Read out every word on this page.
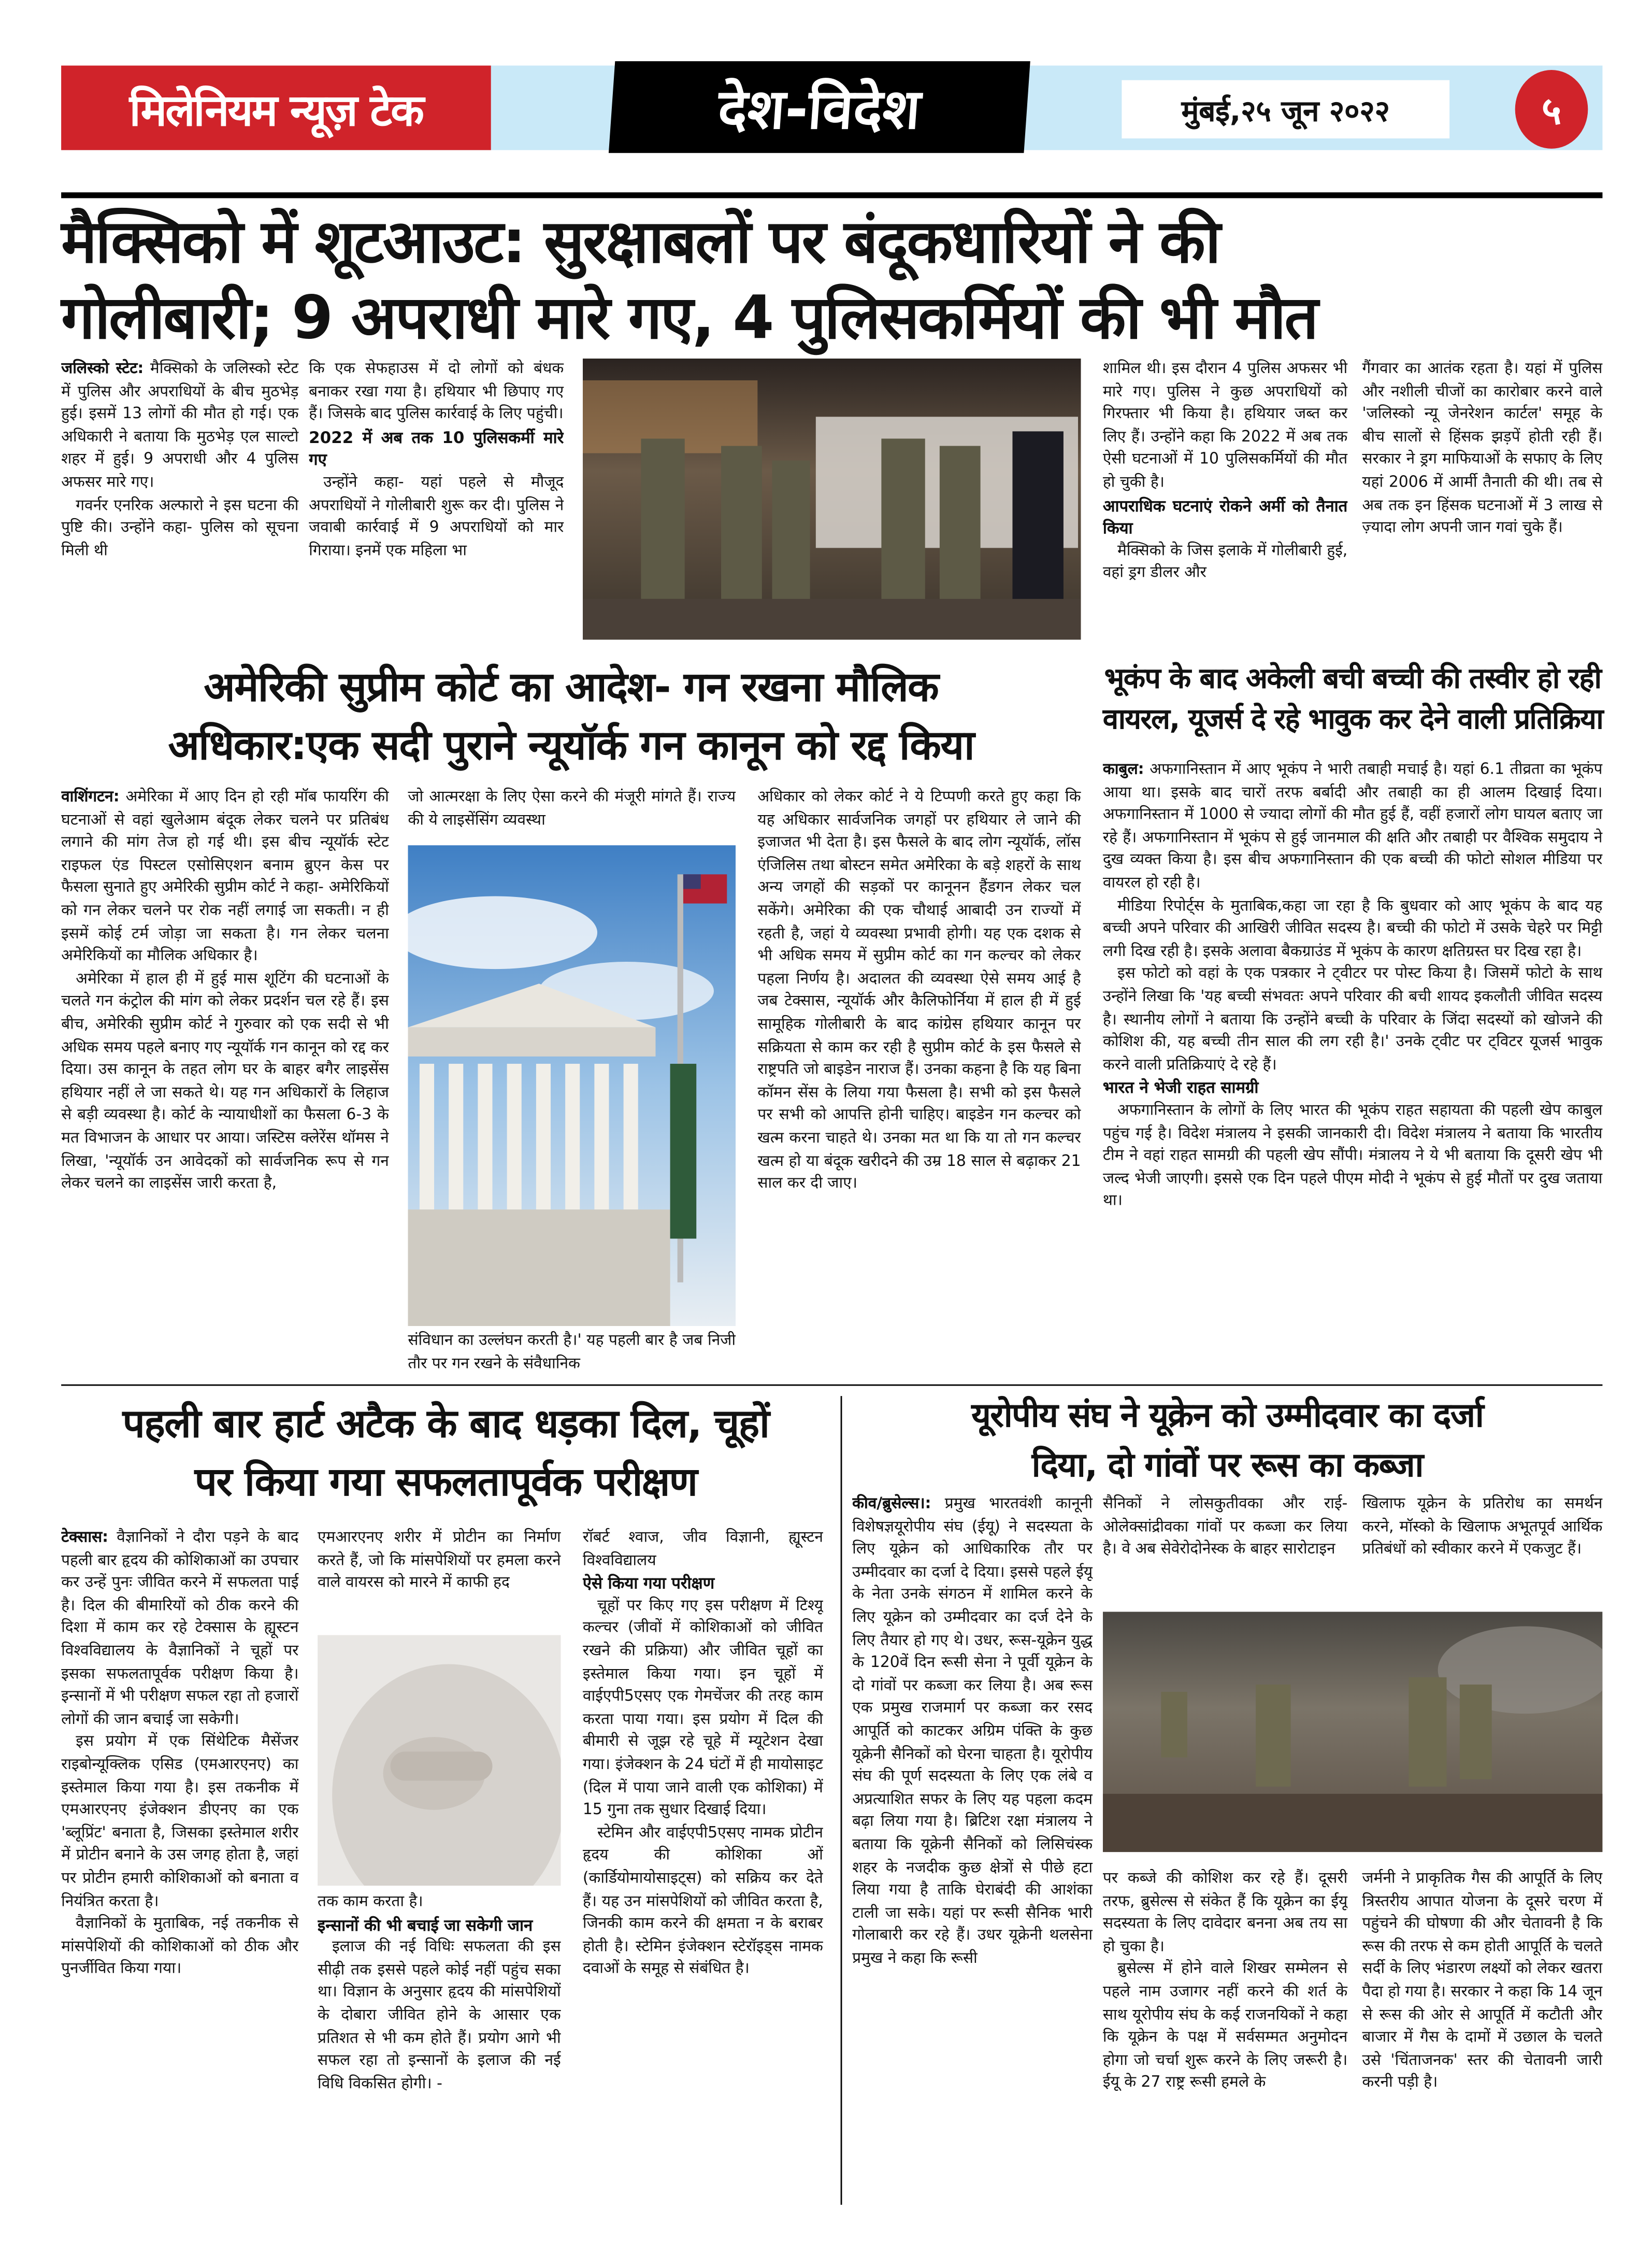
मिलेनियम न्यूज़ टेक	देश-विदेश	मुंबई,२५ जून २०२२	५
मैक्सिको में शूटआउट: सुरक्षाबलों पर बंदूकधारियों ने की
गोलीबारी; 9 अपराधी मारे गए, 4 पुलिसकर्मियों की भी मौत

जलिस्को स्टेट: मैक्सिको के जलिस्को स्टेट में पुलिस और अपराधियों के बीच मुठभेड़ हुई। इसमें 13 लोगों की मौत हो गई। एक अधिकारी ने बताया कि मुठभेड़ एल साल्टो शहर में हुई। 9 अपराधी और 4 पुलिस अफसर मारे गए।

गवर्नर एनरिक अल्फारो ने इस घटना की पुष्टि की। उन्होंने कहा- पुलिस को सूचना मिली थी

कि एक सेफहाउस में दो लोगों को बंधक बनाकर रखा गया है। हथियार भी छिपाए गए हैं। जिसके बाद पुलिस कार्रवाई के लिए पहुंची।

2022 में अब तक 10 पुलिसकर्मी मारे गए

उन्होंने कहा- यहां पहले से मौजूद अपराधियों ने गोलीबारी शुरू कर दी। पुलिस ने जवाबी कार्रवाई में 9 अपराधियों को मार गिराया। इनमें एक महिला भा

शामिल थी। इस दौरान 4 पुलिस अफसर भी मारे गए। पुलिस ने कुछ अपराधियों को गिरफ्तार भी किया है। हथियार जब्त कर लिए हैं। उन्होंने कहा कि 2022 में अब तक ऐसी घटनाओं में 10 पुलिसकर्मियों की मौत हो चुकी है।

आपराधिक घटनाएं रोकने अर्मी को तैनात किया

मैक्सिको के जिस इलाके में गोलीबारी हुई, वहां ड्रग डीलर और

गैंगवार का आतंक रहता है। यहां में पुलिस और नशीली चीजों का कारोबार करने वाले 'जलिस्को न्यू जेनरेशन कार्टल' समूह के बीच सालों से हिंसक झड़पें होती रही हैं। सरकार ने ड्रग माफियाओं के सफाए के लिए यहां 2006 में आर्मी तैनाती की थी। तब से अब तक इन हिंसक घटनाओं में 3 लाख से ज़्यादा लोग अपनी जान गवां चुके हैं।

अमेरिकी सुप्रीम कोर्ट का आदेश- गन रखना मौलिक
अधिकार:एक सदी पुराने न्यूयॉर्क गन कानून को रद्द किया

वाशिंगटन: अमेरिका में आए दिन हो रही मॉब फायरिंग की घटनाओं से वहां खुलेआम बंदूक लेकर चलने पर प्रतिबंध लगाने की मांग तेज हो गई थी। इस बीच न्यूयॉर्क स्टेट राइफल एंड पिस्टल एसोसिएशन बनाम ब्रुएन केस पर फैसला सुनाते हुए अमेरिकी सुप्रीम कोर्ट ने कहा- अमेरिकियों को गन लेकर चलने पर रोक नहीं लगाई जा सकती। न ही इसमें कोई टर्म जोड़ा जा सकता है। गन लेकर चलना अमेरिकियों का मौलिक अधिकार है।

अमेरिका में हाल ही में हुई मास शूटिंग की घटनाओं के चलते गन कंट्रोल की मांग को लेकर प्रदर्शन चल रहे हैं। इस बीच, अमेरिकी सुप्रीम कोर्ट ने गुरुवार को एक सदी से भी अधिक समय पहले बनाए गए न्यूयॉर्क गन कानून को रद्द कर दिया। उस कानून के तहत लोग घर के बाहर बगैर लाइसेंस हथियार नहीं ले जा सकते थे। यह गन अधिकारों के लिहाज से बड़ी व्यवस्था है। कोर्ट के न्यायाधीशों का फैसला 6-3 के मत विभाजन के आधार पर आया। जस्टिस क्लेरेंस थॉमस ने लिखा, 'न्यूयॉर्क उन आवेदकों को सार्वजनिक रूप से गन लेकर चलने का लाइसेंस जारी करता है,

जो आत्मरक्षा के लिए ऐसा करने की मंजूरी मांगते हैं। राज्य की ये लाइसेंसिंग व्यवस्था

संविधान का उल्लंघन करती है।' यह पहली बार है जब निजी तौर पर गन रखने के संवैधानिक

अधिकार को लेकर कोर्ट ने ये टिप्पणी करते हुए कहा कि यह अधिकार सार्वजनिक जगहों पर हथियार ले जाने की इजाजत भी देता है। इस फैसले के बाद लोग न्यूयॉर्क, लॉस एंजिलिस तथा बोस्टन समेत अमेरिका के बड़े शहरों के साथ अन्य जगहों की सड़कों पर कानूनन हैंडगन लेकर चल सकेंगे। अमेरिका की एक चौथाई आबादी उन राज्यों में रहती है, जहां ये व्यवस्था प्रभावी होगी। यह एक दशक से भी अधिक समय में सुप्रीम कोर्ट का गन कल्चर को लेकर पहला निर्णय है। अदालत की व्यवस्था ऐसे समय आई है जब टेक्सास, न्यूयॉर्क और कैलिफोर्निया में हाल ही में हुई सामूहिक गोलीबारी के बाद कांग्रेस हथियार कानून पर सक्रियता से काम कर रही है सुप्रीम कोर्ट के इस फैसले से राष्ट्रपति जो बाइडेन नाराज हैं। उनका कहना है कि यह बिना कॉमन सेंस के लिया गया फैसला है। सभी को इस फैसले पर सभी को आपत्ति होनी चाहिए। बाइडेन गन कल्चर को खत्म करना चाहते थे। उनका मत था कि या तो गन कल्चर खत्म हो या बंदूक खरीदने की उम्र 18 साल से बढ़ाकर 21 साल कर दी जाए।

भूकंप के बाद अकेली बची बच्ची की तस्वीर हो रही
वायरल, यूजर्स दे रहे भावुक कर देने वाली प्रतिक्रिया

काबुल: अफगानिस्तान में आए भूकंप ने भारी तबाही मचाई है। यहां 6.1 तीव्रता का भूकंप आया था। इसके बाद चारों तरफ बर्बादी और तबाही का ही आलम दिखाई दिया। अफगानिस्तान में 1000 से ज्यादा लोगों की मौत हुई हैं, वहीं हजारों लोग घायल बताए जा रहे हैं। अफगानिस्तान में भूकंप से हुई जानमाल की क्षति और तबाही पर वैश्विक समुदाय ने दुख व्यक्त किया है। इस बीच अफगानिस्तान की एक बच्ची की फोटो सोशल मीडिया पर वायरल हो रही है।

मीडिया रिपोर्ट्स के मुताबिक,कहा जा रहा है कि बुधवार को आए भूकंप के बाद यह बच्ची अपने परिवार की आखिरी जीवित सदस्य है। बच्ची की फोटो में उसके चेहरे पर मिट्टी लगी दिख रही है। इसके अलावा बैकग्राउंड में भूकंप के कारण क्षतिग्रस्त घर दिख रहा है।

इस फोटो को वहां के एक पत्रकार ने ट्वीटर पर पोस्ट किया है। जिसमें फोटो के साथ उन्होंने लिखा कि 'यह बच्ची संभवतः अपने परिवार की बची शायद इकलौती जीवित सदस्य है। स्थानीय लोगों ने बताया कि उन्होंने बच्ची के परिवार के जिंदा सदस्यों को खोजने की कोशिश की, यह बच्ची तीन साल की लग रही है।' उनके ट्वीट पर ट्विटर यूजर्स भावुक करने वाली प्रतिक्रियाएं दे रहे हैं।

भारत ने भेजी राहत सामग्री

अफगानिस्तान के लोगों के लिए भारत की भूकंप राहत सहायता की पहली खेप काबुल पहुंच गई है। विदेश मंत्रालय ने इसकी जानकारी दी। विदेश मंत्रालय ने बताया कि भारतीय टीम ने वहां राहत सामग्री की पहली खेप सौंपी। मंत्रालय ने ये भी बताया कि दूसरी खेप भी जल्द भेजी जाएगी। इससे एक दिन पहले पीएम मोदी ने भूकंप से हुई मौतों पर दुख जताया था।

पहली बार हार्ट अटैक के बाद धड़का दिल, चूहों
पर किया गया सफलतापूर्वक परीक्षण

टेक्सास: वैज्ञानिकों ने दौरा पड़ने के बाद पहली बार हृदय की कोशिकाओं का उपचार कर उन्हें पुनः जीवित करने में सफलता पाई है। दिल की बीमारियों को ठीक करने की दिशा में काम कर रहे टेक्सास के ह्यूस्टन विश्वविद्यालय के वैज्ञानिकों ने चूहों पर इसका सफलतापूर्वक परीक्षण किया है। इन्सानों में भी परीक्षण सफल रहा तो हजारों लोगों की जान बचाई जा सकेगी।

इस प्रयोग में एक सिंथेटिक मैसेंजर राइबोन्यूक्लिक एसिड (एमआरएनए) का इस्तेमाल किया गया है। इस तकनीक में एमआरएनए इंजेक्शन डीएनए का एक 'ब्लूप्रिंट' बनाता है, जिसका इस्तेमाल शरीर में प्रोटीन बनाने के उस जगह होता है, जहां पर प्रोटीन हमारी कोशिकाओं को बनाता व नियंत्रित करता है।

वैज्ञानिकों के मुताबिक, नई तकनीक से मांसपेशियों की कोशिकाओं को ठीक और पुनर्जीवित किया गया।

एमआरएनए शरीर में प्रोटीन का निर्माण करते हैं, जो कि मांसपेशियों पर हमला करने वाले वायरस को मारने में काफी हद

तक काम करता है।

इन्सानों की भी बचाई जा सकेगी जान

इलाज की नई विधिः सफलता की इस सीढ़ी तक इससे पहले कोई नहीं पहुंच सका था। विज्ञान के अनुसार हृदय की मांसपेशियों के दोबारा जीवित होने के आसार एक प्रतिशत से भी कम होते हैं। प्रयोग आगे भी सफल रहा तो इन्सानों के इलाज की नई विधि विकसित होगी। -

रॉबर्ट श्वाज, जीव विज्ञानी, ह्यूस्टन विश्वविद्यालय

ऐसे किया गया परीक्षण

चूहों पर किए गए इस परीक्षण में टिश्यू कल्चर (जीवों में कोशिकाओं को जीवित रखने की प्रक्रिया) और जीवित चूहों का इस्तेमाल किया गया। इन चूहों में वाईएपी5एसए एक गेमचेंजर की तरह काम करता पाया गया। इस प्रयोग में दिल की बीमारी से जूझ रहे चूहे में म्यूटेशन देखा गया। इंजेक्शन के 24 घंटों में ही मायोसाइट (दिल में पाया जाने वाली एक कोशिका) में 15 गुना तक सुधार दिखाई दिया।

स्टेमिन और वाईएपी5एसए नामक प्रोटीन हृदय की कोशिका ओं (कार्डियोमायोसाइट्स) को सक्रिय कर देते हैं। यह उन मांसपेशियों को जीवित करता है, जिनकी काम करने की क्षमता न के बराबर होती है। स्टेमिन इंजेक्शन स्टेरॉइड्स नामक दवाओं के समूह से संबंधित है।

यूरोपीय संघ ने यूक्रेन को उम्मीदवार का दर्जा
दिया, दो गांवों पर रूस का कब्जा

कीव/ब्रुसेल्स।: प्रमुख भारतवंशी कानूनी विशेषज्ञयूरोपीय संघ (ईयू) ने सदस्यता के लिए यूक्रेन को आधिकारिक तौर पर उम्मीदवार का दर्जा दे दिया। इससे पहले ईयू के नेता उनके संगठन में शामिल करने के लिए यूक्रेन को उम्मीदवार का दर्ज देने के लिए तैयार हो गए थे। उधर, रूस-यूक्रेन युद्ध के 120वें दिन रूसी सेना ने पूर्वी यूक्रेन के दो गांवों पर कब्जा कर लिया है। अब रूस एक प्रमुख राजमार्ग पर कब्जा कर रसद आपूर्ति को काटकर अग्रिम पंक्ति के कुछ यूक्रेनी सैनिकों को घेरना चाहता है। यूरोपीय संघ की पूर्ण सदस्यता के लिए एक लंबे व अप्रत्याशित सफर के लिए यह पहला कदम बढ़ा लिया गया है। ब्रिटिश रक्षा मंत्रालय ने बताया कि यूक्रेनी सैनिकों को लिसिचंस्क शहर के नजदीक कुछ क्षेत्रों से पीछे हटा लिया गया है ताकि घेराबंदी की आशंका टाली जा सके। यहां पर रूसी सैनिक भारी गोलाबारी कर रहे हैं। उधर यूक्रेनी थलसेना प्रमुख ने कहा कि रूसी

सैनिकों ने लोसकुतीवका और राई-ओलेक्सांद्रीवका गांवों पर कब्जा कर लिया है। वे अब सेवेरोदोनेस्क के बाहर सारोटाइन

खिलाफ यूक्रेन के प्रतिरोध का समर्थन करने, मॉस्को के खिलाफ अभूतपूर्व आर्थिक प्रतिबंधों को स्वीकार करने में एकजुट हैं।

पर कब्जे की कोशिश कर रहे हैं। दूसरी तरफ, ब्रुसेल्स से संकेत हैं कि यूक्रेन का ईयू सदस्यता के लिए दावेदार बनना अब तय सा हो चुका है।

ब्रुसेल्स में होने वाले शिखर सम्मेलन से पहले नाम उजागर नहीं करने की शर्त के साथ यूरोपीय संघ के कई राजनयिकों ने कहा कि यूक्रेन के पक्ष में सर्वसम्मत अनुमोदन होगा जो चर्चा शुरू करने के लिए जरूरी है। ईयू के 27 राष्ट्र रूसी हमले के

जर्मनी ने प्राकृतिक गैस की आपूर्ति के लिए त्रिस्तरीय आपात योजना के दूसरे चरण में पहुंचने की घोषणा की और चेतावनी है कि रूस की तरफ से कम होती आपूर्ति के चलते सर्दी के लिए भंडारण लक्ष्यों को लेकर खतरा पैदा हो गया है। सरकार ने कहा कि 14 जून से रूस की ओर से आपूर्ति में कटौती और बाजार में गैस के दामों में उछाल के चलते उसे 'चिंताजनक' स्तर की चेतावनी जारी करनी पड़ी है।
